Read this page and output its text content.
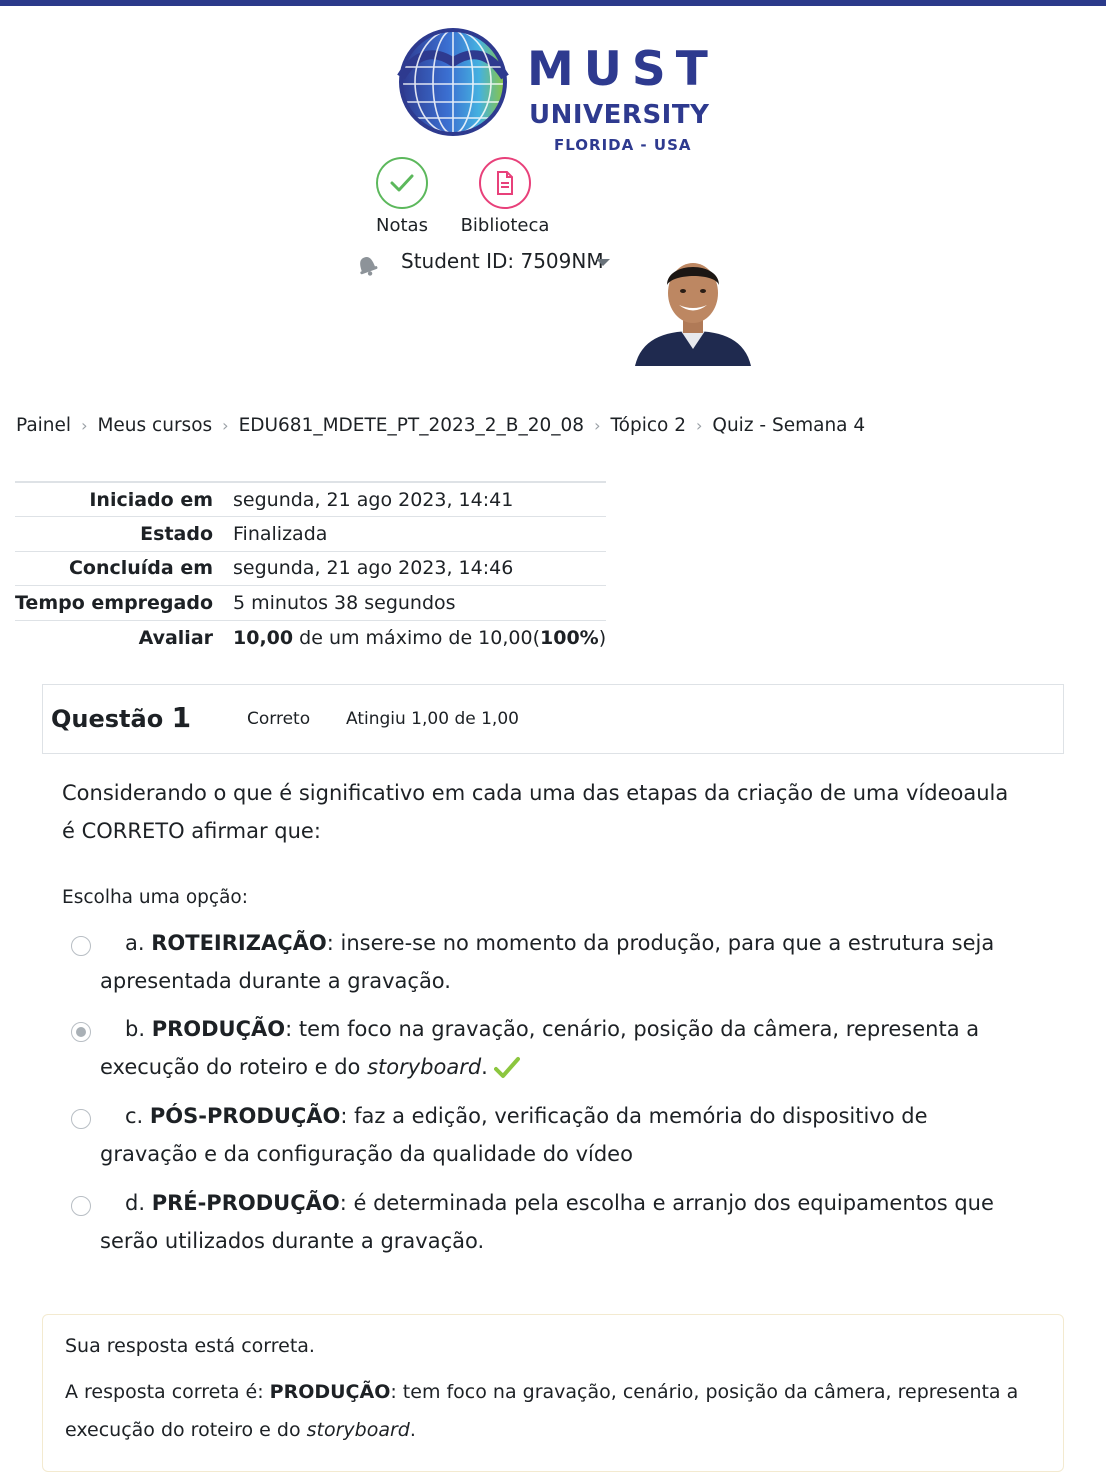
MUST
UNIVERSITY
FLORIDA - USA
Notas	Biblioteca
Student ID: 7509NM
Painel › Meus cursos › EDU681_MDETE_PT_2023_2_B_20_08 › Tópico 2 › Quiz - Semana 4
Iniciado em	segunda, 21 ago 2023, 14:41
Estado	Finalizada
Concluída em	segunda, 21 ago 2023, 14:46
Tempo empregado	5 minutos 38 segundos
Avaliar	10,00 de um máximo de 10,00(100%)
Questão 1	Correto Atingiu 1,00 de 1,00
Considerando o que é significativo em cada uma das etapas da criação de uma vídeoaula é CORRETO afirmar que:
Escolha uma opção:
a. ROTEIRIZAÇÃO: insere-se no momento da produção, para que a estrutura seja apresentada durante a gravação.
b. PRODUÇÃO: tem foco na gravação, cenário, posição da câmera, representa a execução do roteiro e do storyboard.
c. PÓS-PRODUÇÃO: faz a edição, verificação da memória do dispositivo de gravação e da configuração da qualidade do vídeo
d. PRÉ-PRODUÇÃO: é determinada pela escolha e arranjo dos equipamentos que serão utilizados durante a gravação.
Sua resposta está correta.
A resposta correta é: PRODUÇÃO: tem foco na gravação, cenário, posição da câmera, representa a execução do roteiro e do storyboard.
